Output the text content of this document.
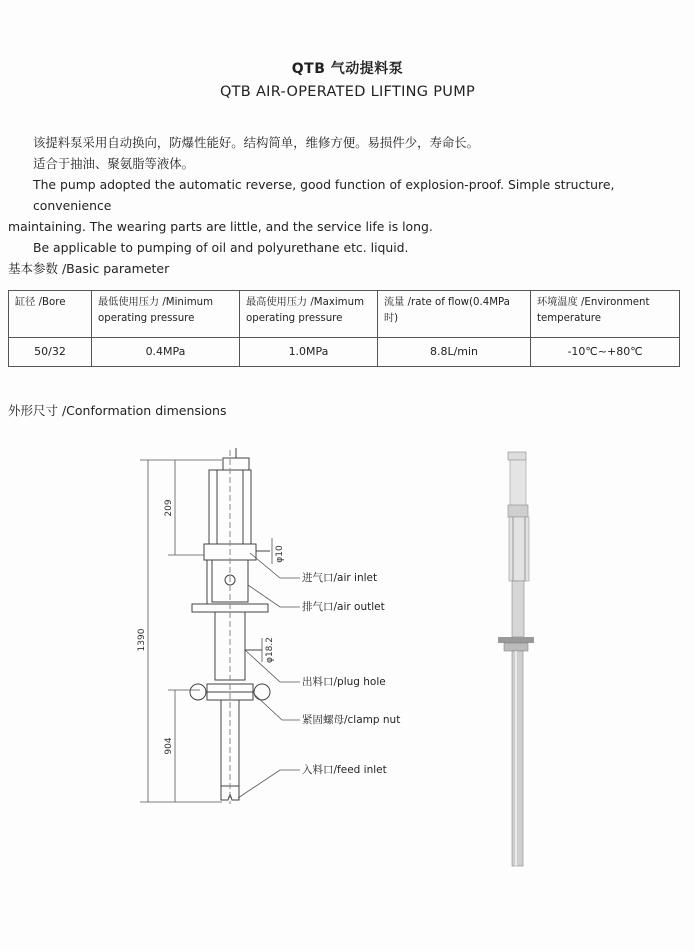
QTB 气动提料泵
QTB AIR-OPERATED LIFTING PUMP

该提料泵采用自动换向，防爆性能好。结构简单，维修方便。易损件少，寿命长。

适合于抽油、聚氨脂等液体。

The pump adopted the automatic reverse, good function of explosion-proof. Simple structure, convenience

maintaining. The wearing parts are little, and the service life is long.

Be applicable to pumping of oil and polyurethane etc. liquid.

基本参数 /Basic parameter
缸径 /Bore	最低使用压力 /Minimum operating pressure	最高使用压力 /Maximum operating pressure	流量 /rate of flow(0.4MPa时)	环境温度 /Environment temperature
50/32	0.4MPa	1.0MPa	8.8L/min	-10℃~+80℃
外形尺寸 /Conformation dimensions
1390
209
904
φ10
φ18.2
进气口/air inlet
排气口/air outlet
出料口/plug hole
紧固螺母/clamp nut
入料口/feed inlet
